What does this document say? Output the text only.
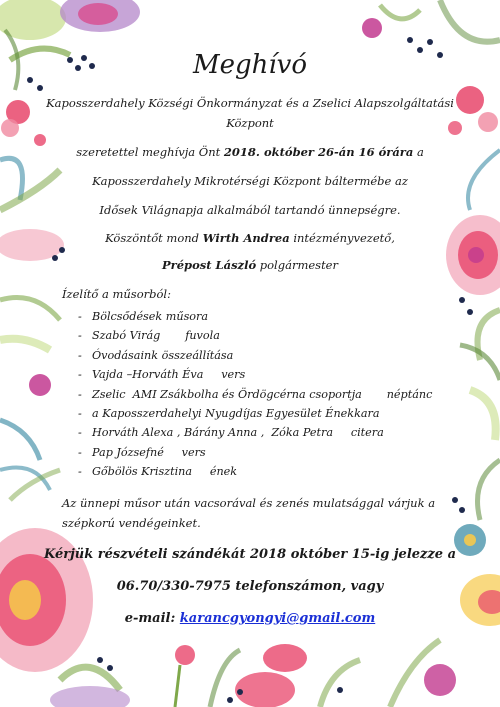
Meghívó
Kaposszerdahely Községi Önkormányzat és a Zselici Alapszolgáltatási
Központ
szeretettel meghívja Önt 2018. október 26-án 16 órára a
Kaposszerdahely Mikrotérségi Központ báltermébe az
Idősek Világnapja alkalmából tartandó ünnepségre.
Köszöntőt mond Wirth Andrea intézményvezető,
Prépost László polgármester
Ízelítő a műsorból:
- Bölcsődések műsora
- Szabó Virág       fuvola
- Óvodásaink összeállítása
- Vajda –Horváth Éva     vers
- Zselic  AMI Zsákbolha és Ördögcérna csoportja       néptánc
- a Kaposszerdahelyi Nyugdíjas Egyesület Énekkara
- Horváth Alexa , Bárány Anna ,  Zóka Petra     citera
- Pap Józsefné     vers
- Gőbölös Krisztina     ének
Az ünnepi műsor után vacsorával és zenés mulatsággal várjuk a
szépkorú vendégeinket.
Kérjük részvételi szándékát 2018 október 15-ig jelezze a
06.70/330-7975 telefonszámon, vagy
e-mail: karancgyongyi@gmail.com
